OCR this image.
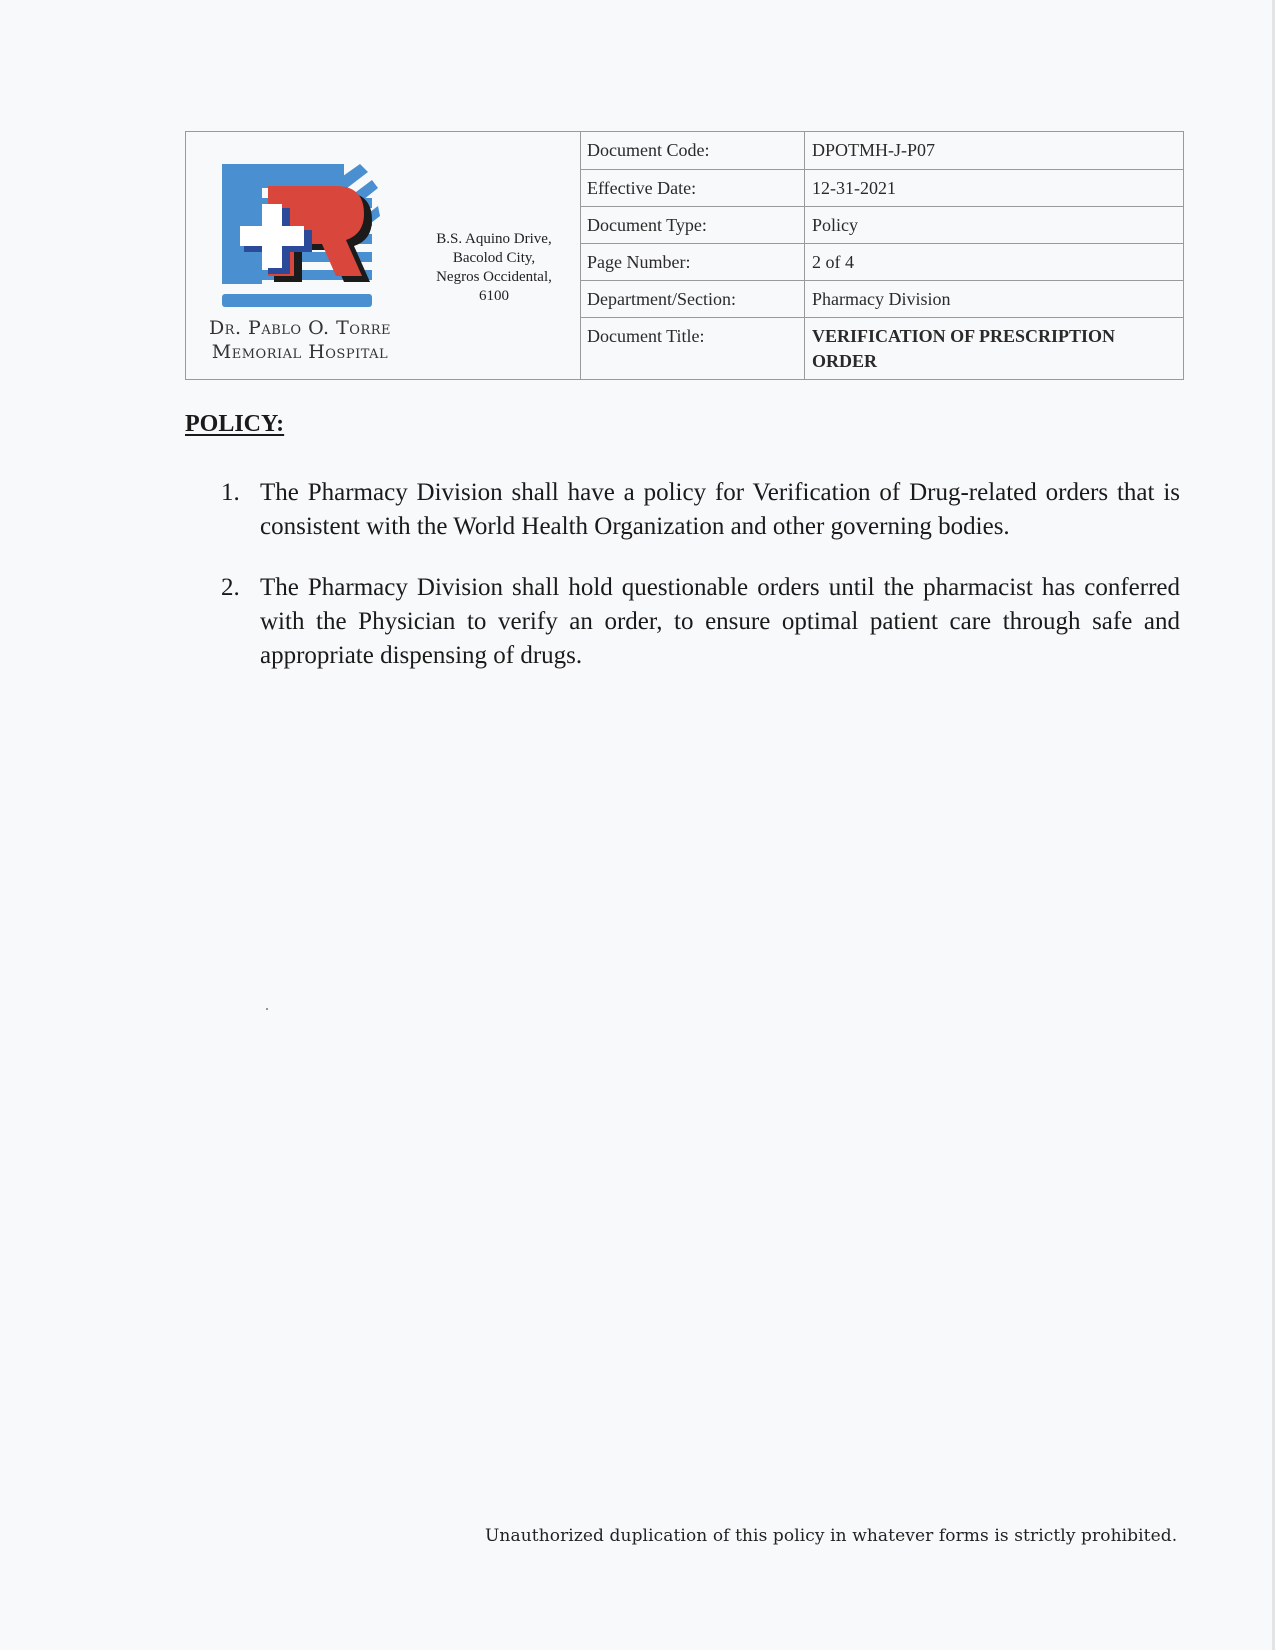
Dr. Pablo O. Torre
Memorial Hospital
B.S. Aquino Drive,
Bacolod City,
Negros Occidental,
6100
Document Code:	DPOTMH-J-P07
Effective Date:	12-31-2021
Document Type:	Policy
Page Number:	2 of 4
Department/Section:	Pharmacy Division
Document Title:	VERIFICATION OF PRESCRIPTION ORDER
POLICY:
1. The Pharmacy Division shall have a policy for Verification of Drug-related orders that is consistent with the World Health Organization and other governing bodies.
2. The Pharmacy Division shall hold questionable orders until the pharmacist has conferred with the Physician to verify an order, to ensure optimal patient care through safe and appropriate dispensing of drugs.
Unauthorized duplication of this policy in whatever forms is strictly prohibited.
